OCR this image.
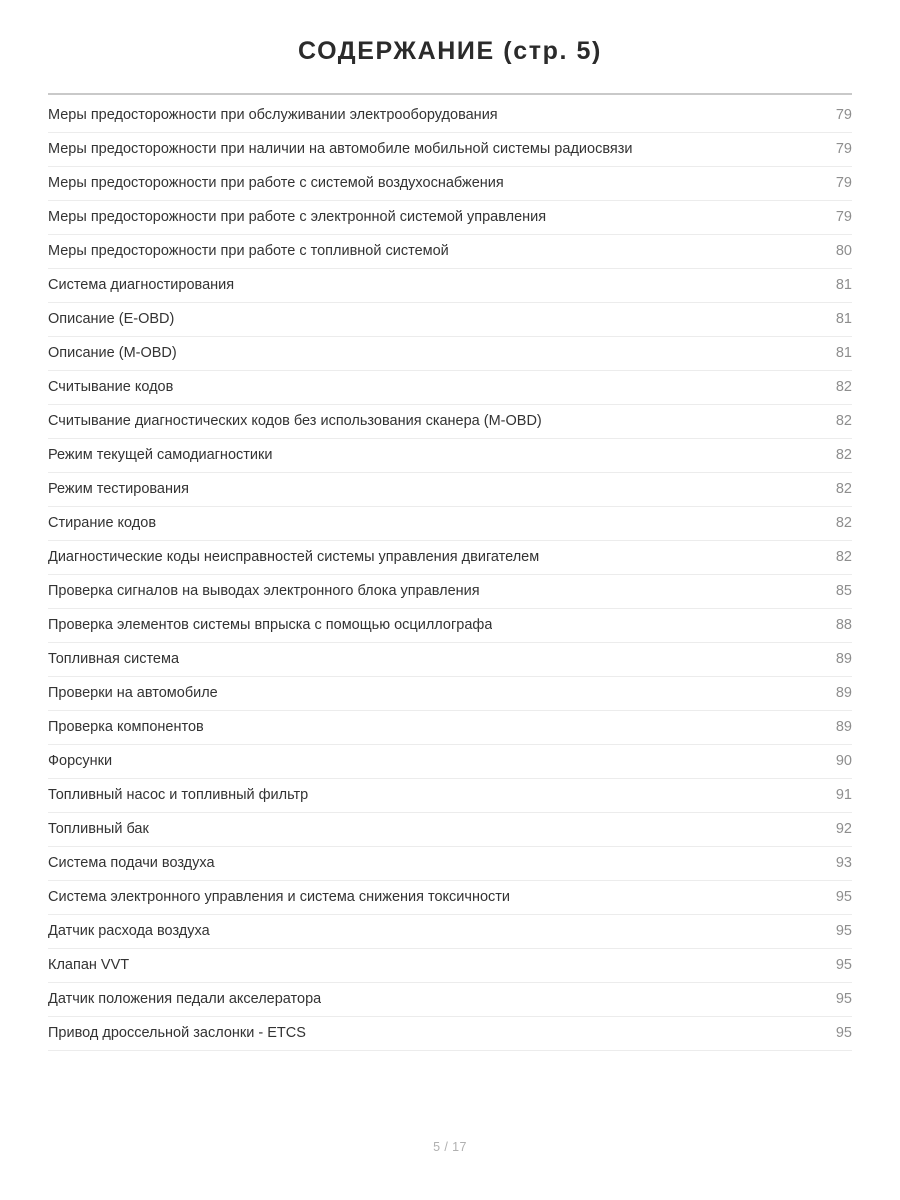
СОДЕРЖАНИЕ (стр. 5)
Меры предосторожности при обслуживании электрооборудования	79
Меры предосторожности при наличии на автомобиле мобильной системы радиосвязи	79
Меры предосторожности при работе с системой воздухоснабжения	79
Меры предосторожности при работе с электронной системой управления	79
Меры предосторожности при работе с топливной системой	80
Система диагностирования	81
Описание (E-OBD)	81
Описание (M-OBD)	81
Считывание кодов	82
Считывание диагностических кодов без использования сканера (M-OBD)	82
Режим текущей самодиагностики	82
Режим тестирования	82
Стирание кодов	82
Диагностические коды неисправностей системы управления двигателем	82
Проверка сигналов на выводах электронного блока управления	85
Проверка элементов системы впрыска с помощью осциллографа	88
Топливная система	89
Проверки на автомобиле	89
Проверка компонентов	89
Форсунки	90
Топливный насос и топливный фильтр	91
Топливный бак	92
Система подачи воздуха	93
Система электронного управления и система снижения токсичности	95
Датчик расхода воздуха	95
Клапан VVT	95
Датчик положения педали акселератора	95
Привод дроссельной заслонки - ETCS	95
5 / 17
